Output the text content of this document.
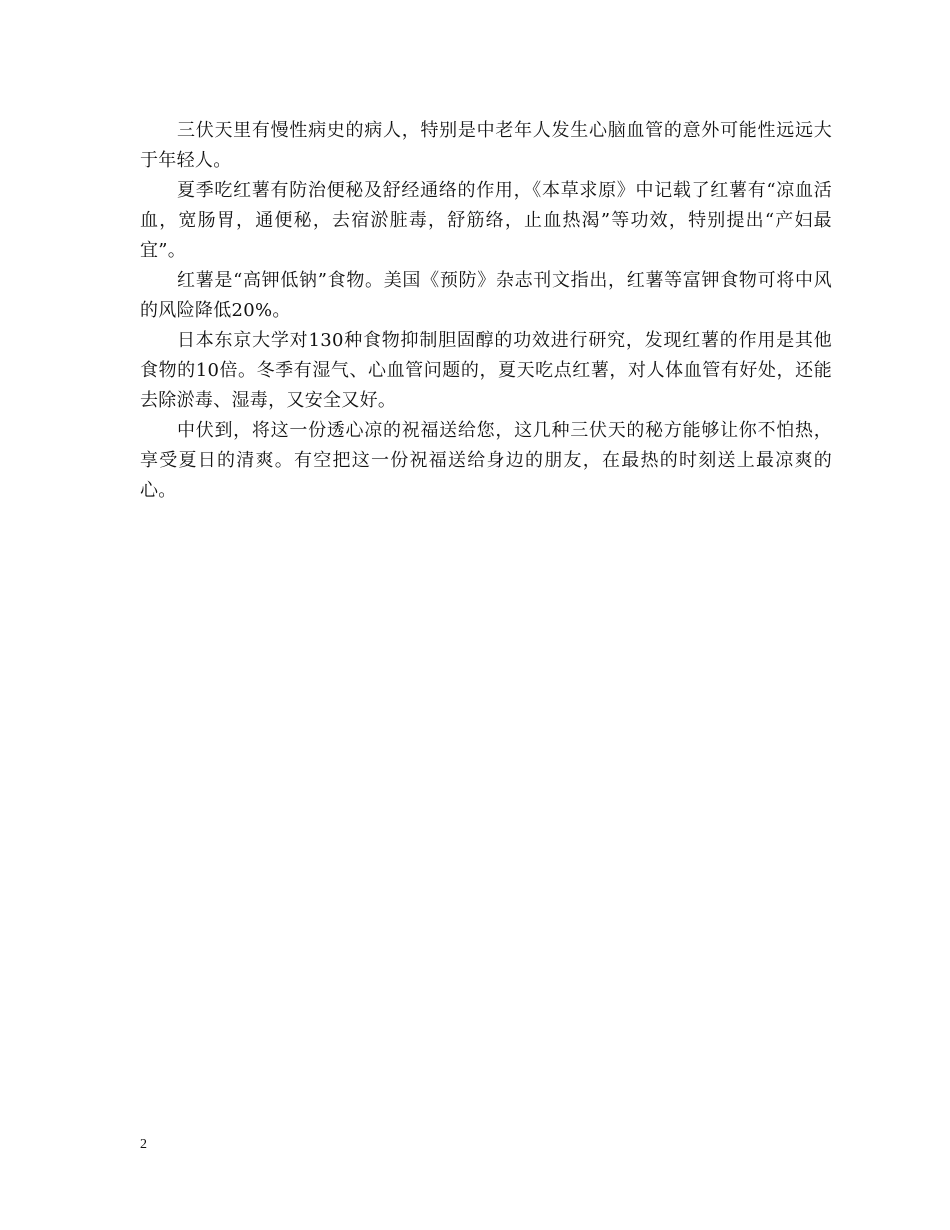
三伏天里有慢性病史的病人，特别是中老年人发生心脑血管的意外可能性远远大于年轻人。

夏季吃红薯有防治便秘及舒经通络的作用，《本草求原》中记载了红薯有“凉血活血，宽肠胃，通便秘，去宿淤脏毒，舒筋络，止血热渴”等功效，特别提出“产妇最宜”。

红薯是“高钾低钠”食物。美国《预防》杂志刊文指出，红薯等富钾食物可将中风的风险降低20%。

日本东京大学对130种食物抑制胆固醇的功效进行研究，发现红薯的作用是其他食物的10倍。冬季有湿气、心血管问题的，夏天吃点红薯，对人体血管有好处，还能去除淤毒、湿毒，又安全又好。

中伏到，将这一份透心凉的祝福送给您，这几种三伏天的秘方能够让你不怕热，享受夏日的清爽。有空把这一份祝福送给身边的朋友，在最热的时刻送上最凉爽的心。

2
